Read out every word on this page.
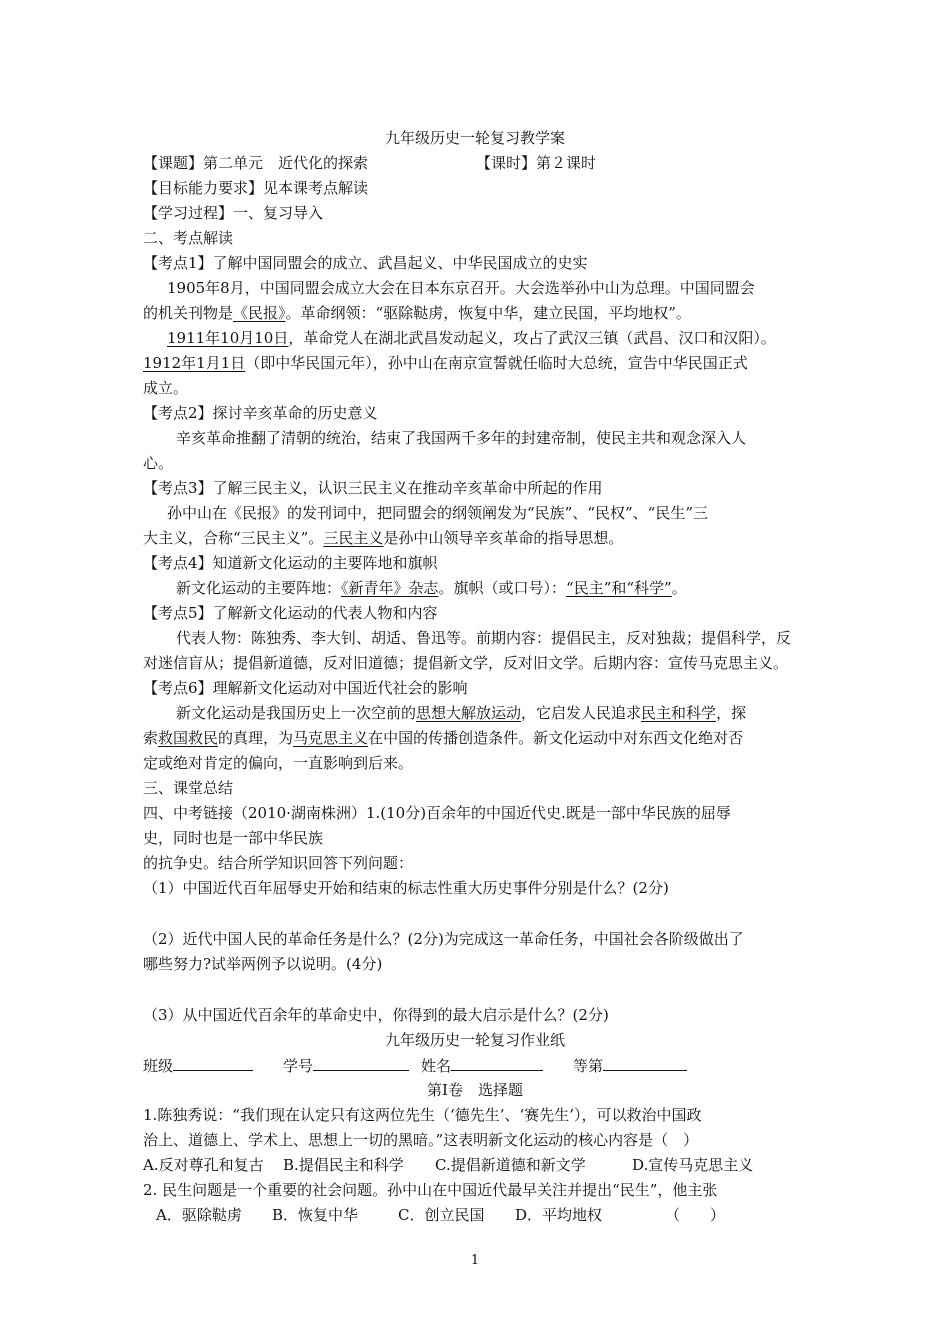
九年级历史一轮复习教学案
【课题】第二单元　近代化的探索	【课时】第２课时
【目标能力要求】见本课考点解读
【学习过程】一、复习导入
二、考点解读
【考点1】了解中国同盟会的成立、武昌起义、中华民国成立的史实
1905年8月，中国同盟会成立大会在日本东京召开。大会选举孙中山为总理。中国同盟会
的机关刊物是《民报》。革命纲领：“驱除鞑虏，恢复中华，建立民国，平均地权”。
1911年10月10日，革命党人在湖北武昌发动起义，攻占了武汉三镇（武昌、汉口和汉阳）。
1912年1月1日（即中华民国元年），孙中山在南京宣誓就任临时大总统，宣告中华民国正式
成立。
【考点2】探讨辛亥革命的历史意义
辛亥革命推翻了清朝的统治，结束了我国两千多年的封建帝制，使民主共和观念深入人
心。
【考点3】了解三民主义，认识三民主义在推动辛亥革命中所起的作用
孙中山在《民报》的发刊词中，把同盟会的纲领阐发为“民族”、“民权”、“民生”三
大主义，合称“三民主义”。三民主义是孙中山领导辛亥革命的指导思想。
【考点4】知道新文化运动的主要阵地和旗帜
新文化运动的主要阵地：《新青年》杂志。旗帜（或口号）：“民主”和“科学”。
【考点5】了解新文化运动的代表人物和内容
代表人物：陈独秀、李大钊、胡适、鲁迅等。前期内容：提倡民主，反对独裁；提倡科学，反
对迷信盲从；提倡新道德，反对旧道德；提倡新文学，反对旧文学。后期内容：宣传马克思主义。
【考点6】理解新文化运动对中国近代社会的影响
新文化运动是我国历史上一次空前的思想大解放运动，它启发人民追求民主和科学，探
索救国救民的真理，为马克思主义在中国的传播创造条件。新文化运动中对东西文化绝对否
定或绝对肯定的偏向，一直影响到后来。
三、课堂总结
四、中考链接（2010·湖南株洲）1.(10分)百余年的中国近代史.既是一部中华民族的屈辱
史，同时也是一部中华民族
的抗争史。结合所学知识回答下列问题：
（1）中国近代百年屈辱史开始和结束的标志性重大历史事件分别是什么？(2分)
（2）近代中国人民的革命任务是什么？(2分)为完成这一革命任务，中国社会各阶级做出了
哪些努力?试举两例予以说明。(4分)
（3）从中国近代百余年的革命史中，你得到的最大启示是什么？(2分)
九年级历史一轮复习作业纸
班级	学号	姓名	等第
第Ⅰ卷　选择题
1.陈独秀说：“我们现在认定只有这两位先生（‘德先生’、‘赛先生’），可以救治中国政
治上、道德上、学术上、思想上一切的黑暗。”这表明新文化运动的核心内容是（　）
A.反对尊孔和复古 B.提倡民主和科学 C.提倡新道德和新文学	D.宣传马克思主义
2. 民生问题是一个重要的社会问题。孙中山在中国近代最早关注并提出“民生”，他主张
A．驱除鞑虏 B．恢复中华	C．创立民国 D．平均地权	（　　）
1
